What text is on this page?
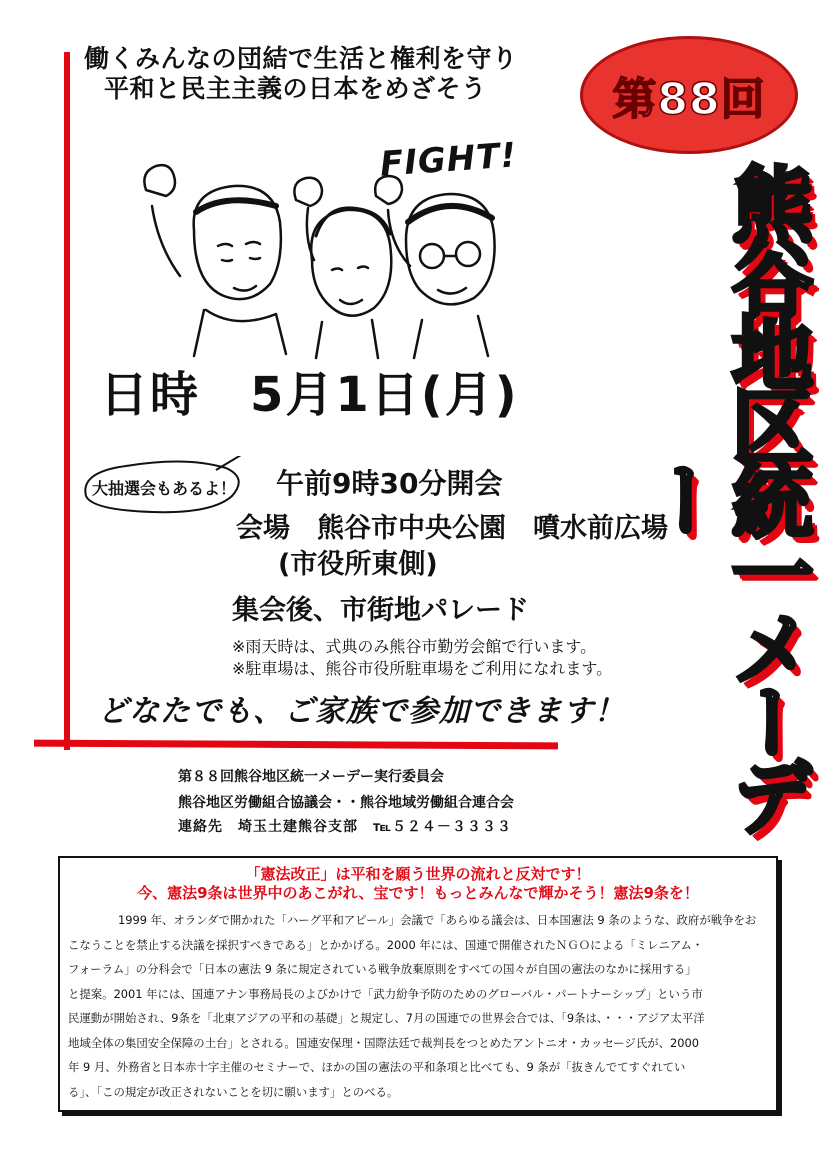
働くみんなの団結で生活と権利を守り
平和と民主主義の日本をめざそう	第88回
FIGHT!
熊谷地区統一メーデー
日時　5月1日(月)
大抽選会もあるよ！ 午前9時30分開会
会場　熊谷市中央公園　噴水前広場
(市役所東側)
集会後、市街地パレード
※雨天時は、式典のみ熊谷市勤労会館で行います。
※駐車場は、熊谷市役所駐車場をご利用になれます。
どなたでも、ご家族で参加できます！
第８８回熊谷地区統一メーデー実行委員会
熊谷地区労働組合協議会・・熊谷地域労働組合連合会
連絡先　埼玉土建熊谷支部　℡５２４－３３３３
「憲法改正」は平和を願う世界の流れと反対です！
今、憲法9条は世界中のあこがれ、宝です！もっとみんなで輝かそう！憲法9条を！
1999 年、オランダで開かれた「ハーグ平和アピール」会議で「あらゆる議会は、日本国憲法 9 条のような、政府が戦争をお
こなうことを禁止する決議を採択すべきである」とかかげる。2000 年には、国連で開催されたＮＧＯによる「ミレニアム・
フォーラム」の分科会で「日本の憲法 9 条に規定されている戦争放棄原則をすべての国々が自国の憲法のなかに採用する」
と提案。2001 年には、国連アナン事務局長のよびかけで「武力紛争予防のためのグローバル・パートナーシップ」という市
民運動が開始され、9条を「北東アジアの平和の基礎」と規定し、7月の国連での世界会合では、「9条は、・・・アジア太平洋
地域全体の集団安全保障の土台」とされる。国連安保理・国際法廷で裁判長をつとめたアントニオ・カッセージ氏が、2000
年 9 月、外務省と日本赤十字主催のセミナーで、ほかの国の憲法の平和条項と比べても、9 条が「抜きんでてすぐれてい
る」、「この規定が改正されないことを切に願います」とのべる。
